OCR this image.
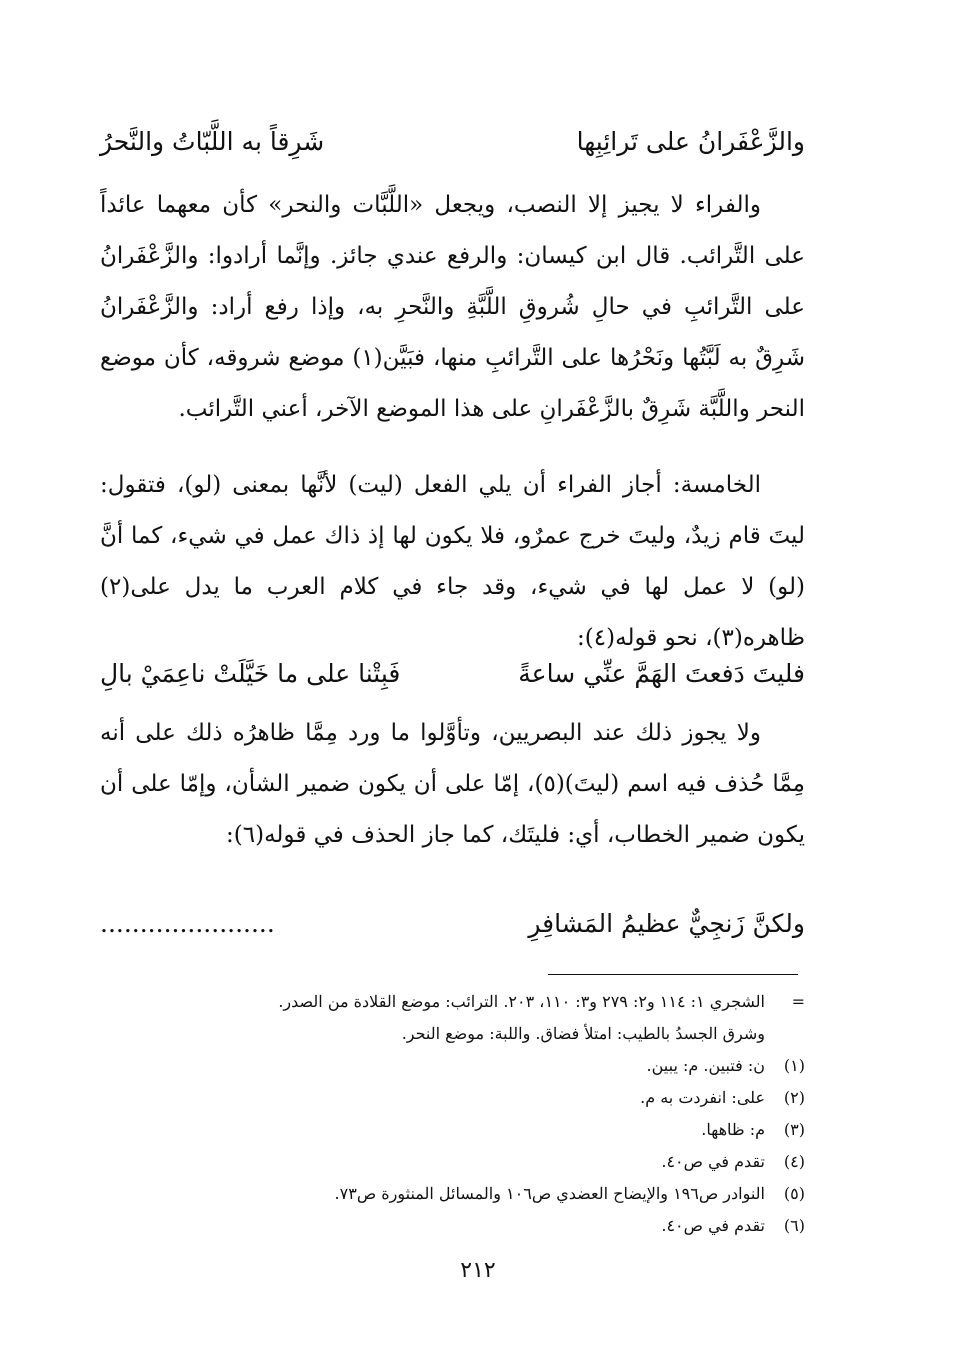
والزَّعْفَرانُ على تَرائِبِها
شَرِقاً به اللَّبّاتُ والنَّحرُ

والفراء لا يجيز إلا النصب، ويجعل «اللَّبَّات والنحر» كأن معهما عائداً على التَّرائب. قال ابن كيسان: والرفع عندي جائز. وإنَّما أرادوا: والزَّعْفَرانُ على التَّرائبِ في حالِ شُروقِ اللَّبَّةِ والنَّحرِ به، وإذا رفع أراد: والزَّعْفَرانُ شَرِقٌ به لَبَّتُها ونَحْرُها على التَّرائبِ منها، فبَيَّن(١) موضع شروقه، كأن موضع النحر واللَّبَّة شَرِقٌ بالزَّعْفَرانِ على هذا الموضع الآخر، أعني التَّرائب.

الخامسة: أجاز الفراء أن يلي الفعل (ليت) لأنَّها بمعنى (لو)، فتقول: ليتَ قام زيدٌ، وليتَ خرج عمرٌو، فلا يكون لها إذ ذاك عمل في شيء، كما أنَّ (لو) لا عمل لها في شيء، وقد جاء في كلام العرب ما يدل على(٢) ظاهره(٣)، نحو قوله(٤):

فليتَ دَفعتَ الهَمَّ عنِّي ساعةً
فَبِتْنا على ما خَيَّلَتْ ناعِمَيْ بالِ

ولا يجوز ذلك عند البصريين، وتأوَّلوا ما ورد مِمَّا ظاهرُه ذلك على أنه مِمَّا حُذف فيه اسم (ليتَ)(٥)، إمّا على أن يكون ضمير الشأن، وإمّا على أن يكون ضمير الخطاب، أي: فليتَك، كما جاز الحذف في قوله(٦):

ولكنَّ زَنجِيٌّ عظيمُ المَشافِرِ
......................
=
الشجري ١: ١١٤ و٢: ٢٧٩ و٣: ١١٠، ٢٠٣. الترائب: موضع القلادة من الصدر.
وشرق الجسدُ بالطيب: امتلأ فضاق. واللبة: موضع النحر.
(١)
ن: فتبين. م: يبين.
(٢)
على: انفردت به م.
(٣)
م: ظاهها.
(٤)
تقدم في ص٤٠.
(٥)
النوادر ص١٩٦ والإيضاح العضدي ص١٠٦ والمسائل المنثورة ص٧٣.
(٦)
تقدم في ص٤٠.
٢١٢
